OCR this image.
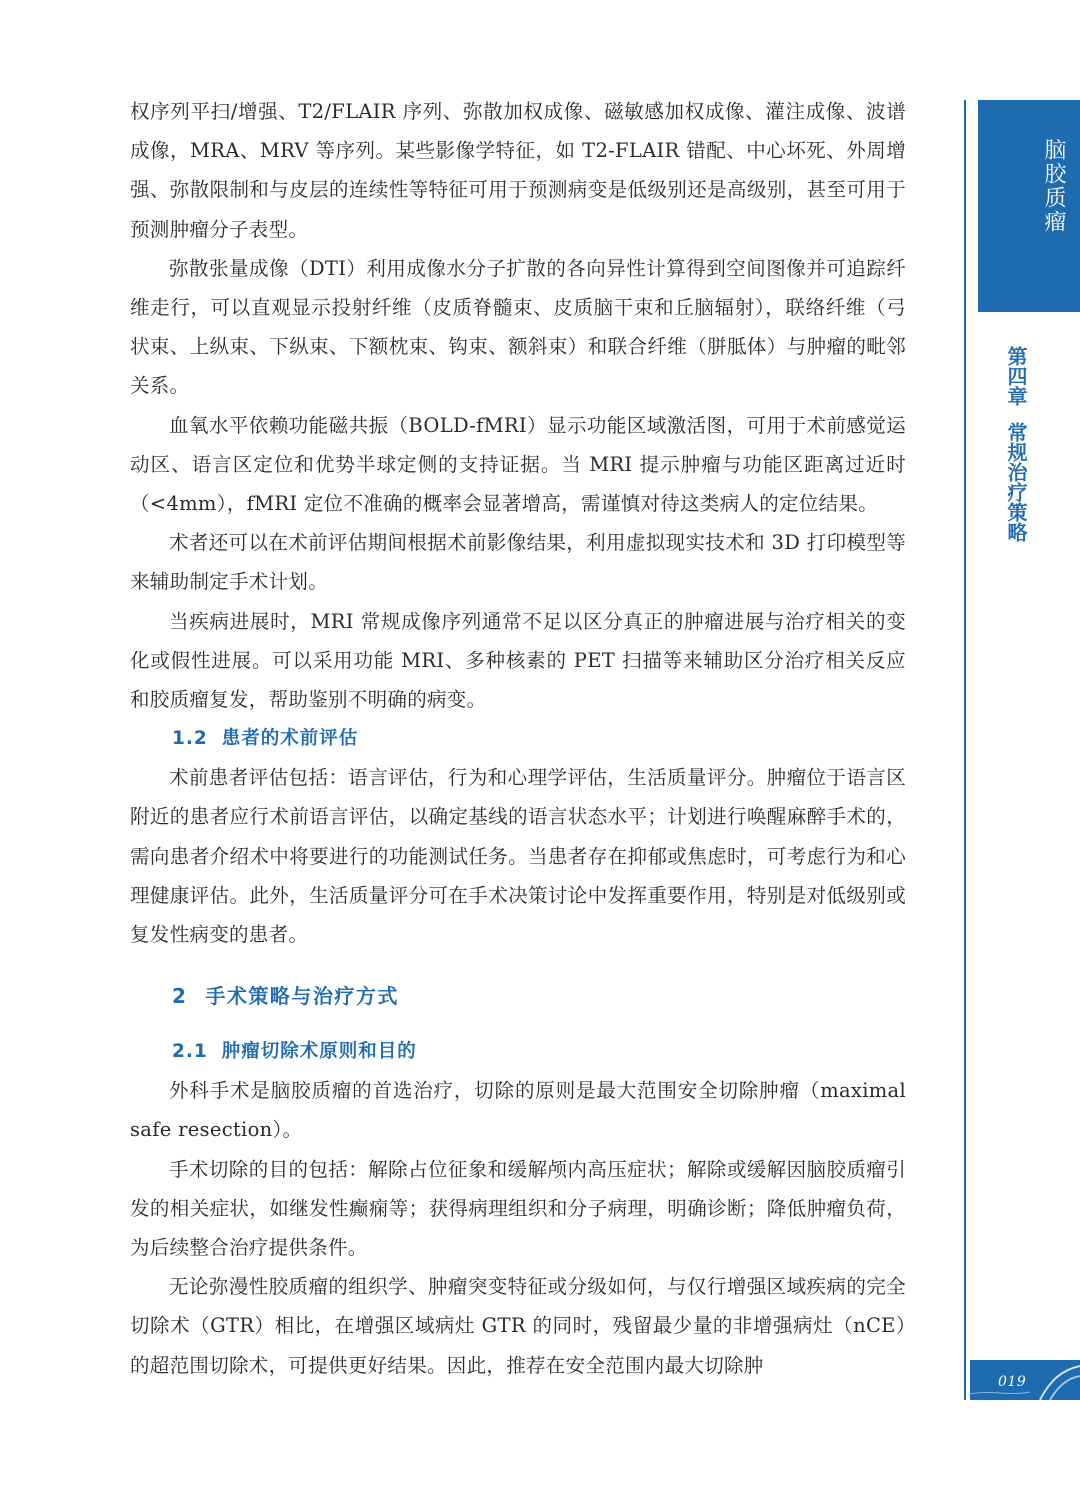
权序列平扫/增强、T2/FLAIR 序列、弥散加权成像、磁敏感加权成像、灌注成像、波谱成像，MRA、MRV 等序列。某些影像学特征，如 T2-FLAIR 错配、中心坏死、外周增强、弥散限制和与皮层的连续性等特征可用于预测病变是低级别还是高级别，甚至可用于预测肿瘤分子表型。

弥散张量成像（DTI）利用成像水分子扩散的各向异性计算得到空间图像并可追踪纤维走行，可以直观显示投射纤维（皮质脊髓束、皮质脑干束和丘脑辐射），联络纤维（弓状束、上纵束、下纵束、下额枕束、钩束、额斜束）和联合纤维（胼胝体）与肿瘤的毗邻关系。

血氧水平依赖功能磁共振（BOLD-fMRI）显示功能区域激活图，可用于术前感觉运动区、语言区定位和优势半球定侧的支持证据。当 MRI 提示肿瘤与功能区距离过近时（<4mm），fMRI 定位不准确的概率会显著增高，需谨慎对待这类病人的定位结果。

术者还可以在术前评估期间根据术前影像结果，利用虚拟现实技术和 3D 打印模型等来辅助制定手术计划。

当疾病进展时，MRI 常规成像序列通常不足以区分真正的肿瘤进展与治疗相关的变化或假性进展。可以采用功能 MRI、多种核素的 PET 扫描等来辅助区分治疗相关反应和胶质瘤复发，帮助鉴别不明确的病变。

1.2 患者的术前评估

术前患者评估包括：语言评估，行为和心理学评估，生活质量评分。肿瘤位于语言区附近的患者应行术前语言评估，以确定基线的语言状态水平；计划进行唤醒麻醉手术的，需向患者介绍术中将要进行的功能测试任务。当患者存在抑郁或焦虑时，可考虑行为和心理健康评估。此外，生活质量评分可在手术决策讨论中发挥重要作用，特别是对低级别或复发性病变的患者。

2 手术策略与治疗方式
2.1 肿瘤切除术原则和目的

外科手术是脑胶质瘤的首选治疗，切除的原则是最大范围安全切除肿瘤（maximal safe resection）。

手术切除的目的包括：解除占位征象和缓解颅内高压症状；解除或缓解因脑胶质瘤引发的相关症状，如继发性癫痫等；获得病理组织和分子病理，明确诊断；降低肿瘤负荷，为后续整合治疗提供条件。

无论弥漫性胶质瘤的组织学、肿瘤突变特征或分级如何，与仅行增强区域疾病的完全切除术（GTR）相比，在增强区域病灶 GTR 的同时，残留最少量的非增强病灶（nCE）的超范围切除术，可提供更好结果。因此，推荐在安全范围内最大切除肿

脑胶质瘤
第四章常规治疗策略
019
